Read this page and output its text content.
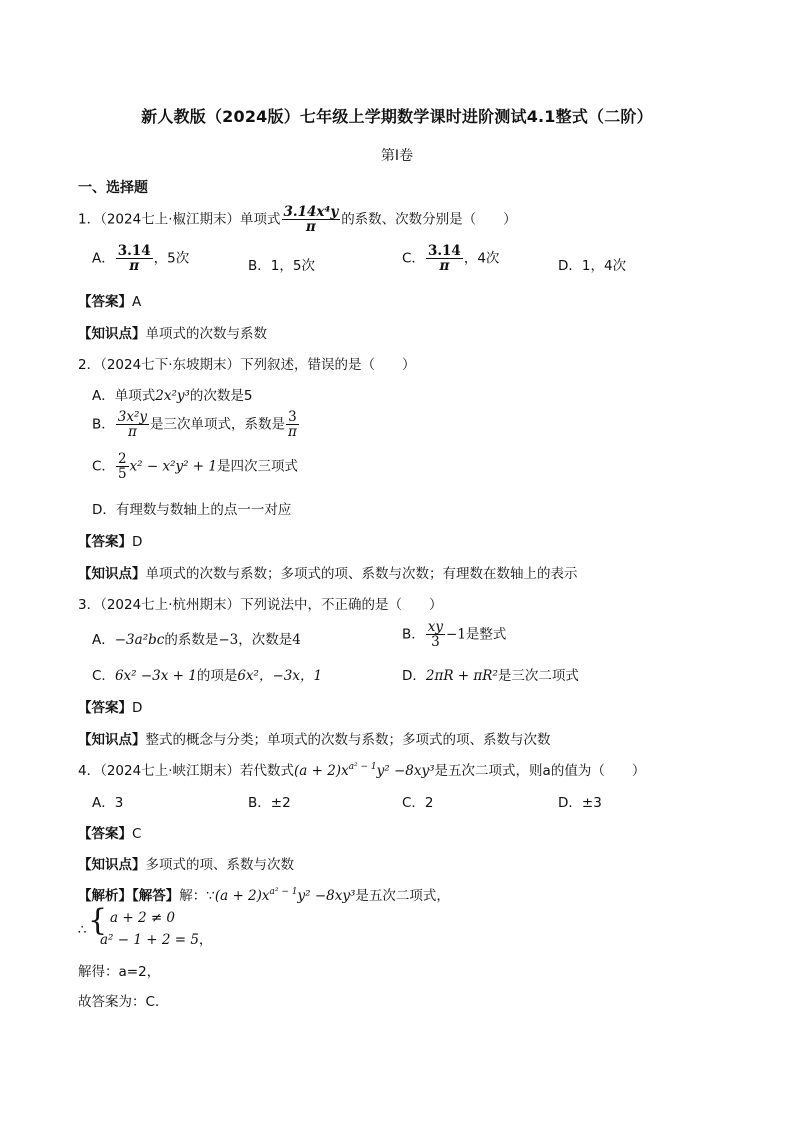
新人教版（2024版）七年级上学期数学课时进阶测试4.1整式（二阶）
第Ⅰ卷
一、选择题
1．（2024七上·椒江期末）单项式 $\frac{\text{3.14x⁴y}}{\pi}$ 的系数、次数分别是（　　）
A． $\frac{3.14}{\pi}$ ，5次	B．1，5次	C． $\frac{3.14}{\pi}$ ，4次	D．1，4次
【答案】A
【知识点】单项式的次数与系数
2．（2024七下·东坡期末）下列叙述，错误的是（　　）
A．单项式2x²y³的次数是5
B． $\frac{\text{3x²y}}{\pi}$ 是三次单项式，系数是 $\frac{3}{\pi}$
C． $\frac{2}{5} x^2 - x^2y^2 + 1$是四次三项式
D．有理数与数轴上的点一一对应
【答案】D
【知识点】单项式的次数与系数；多项式的项、系数与次数；有理数在数轴上的表示
3．（2024七上·杭州期末）下列说法中，不正确的是（　　）
A．−3a²bc的系数是−3，次数是4	B． $\frac{xy}{3} -1$是整式
C．6x² −3x + 1的项是6x²，−3x，1	D．2πR + πR²是三次二项式
【答案】D
【知识点】整式的概念与分类；单项式的次数与系数；多项式的项、系数与次数
4．（2024七上·峡江期末）若代数式$(a + 2)x^{a^2 - 1}y^2 -8xy^3$是五次二项式，则a的值为（　　）
A．3	B．±2	C．2	D．±3
【答案】C
【知识点】多项式的项、系数与次数
【解析】【解答】解：∵(a + $2)x^{a^2 - 1}y^2 -8xy^3$是五次二项式，
∴ { a + 2 ≠ 0
a² − 1 + 2 = 5，
解得：a=2，
故答案为：C.
